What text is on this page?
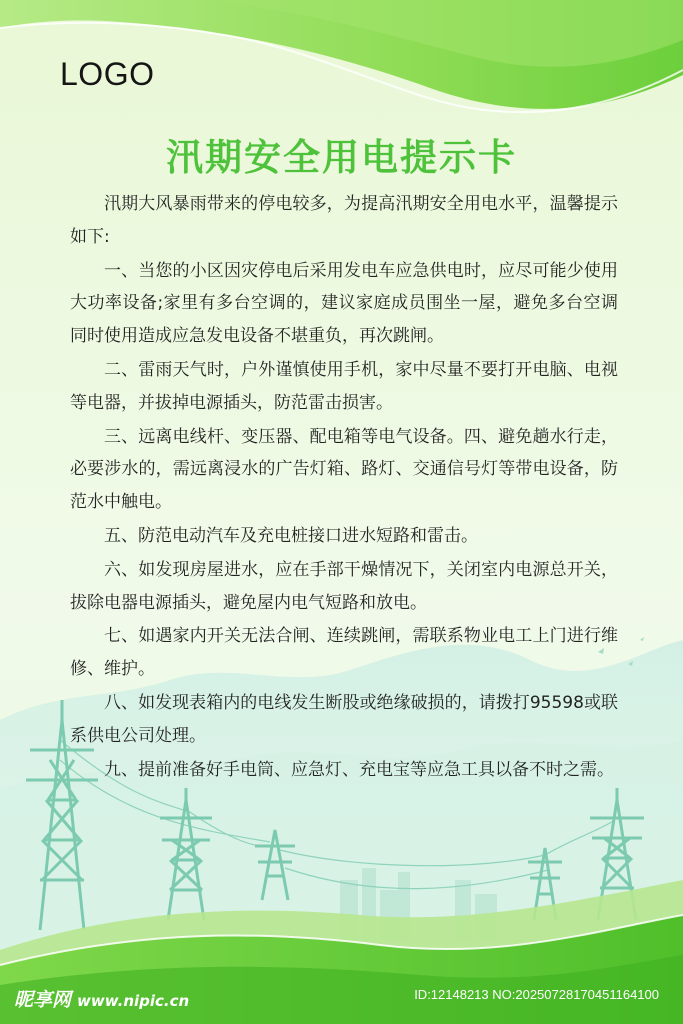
LOGO
汛期安全用电提示卡

汛期大风暴雨带来的停电较多，为提高汛期安全用电水平，温馨提示如下:

一、当您的小区因灾停电后采用发电车应急供电时，应尽可能少使用大功率设备;家里有多台空调的，建议家庭成员围坐一屋，避免多台空调同时使用造成应急发电设备不堪重负，再次跳闸。

二、雷雨天气时，户外谨慎使用手机，家中尽量不要打开电脑、电视等电器，并拔掉电源插头，防范雷击损害。

三、远离电线杆、变压器、配电箱等电气设备。四、避免趟水行走，必要涉水的，需远离浸水的广告灯箱、路灯、交通信号灯等带电设备，防范水中触电。

五、防范电动汽车及充电桩接口进水短路和雷击。

六、如发现房屋进水，应在手部干燥情况下，关闭室内电源总开关，拔除电器电源插头，避免屋内电气短路和放电。

七、如遇家内开关无法合闸、连续跳闸，需联系物业电工上门进行维修、维护。

八、如发现表箱内的电线发生断股或绝缘破损的，请拨打95598或联系供电公司处理。

九、提前准备好手电筒、应急灯、充电宝等应急工具以备不时之需。

昵享网 www.nipic.cn	ID:12148213 NO:20250728170451164100
